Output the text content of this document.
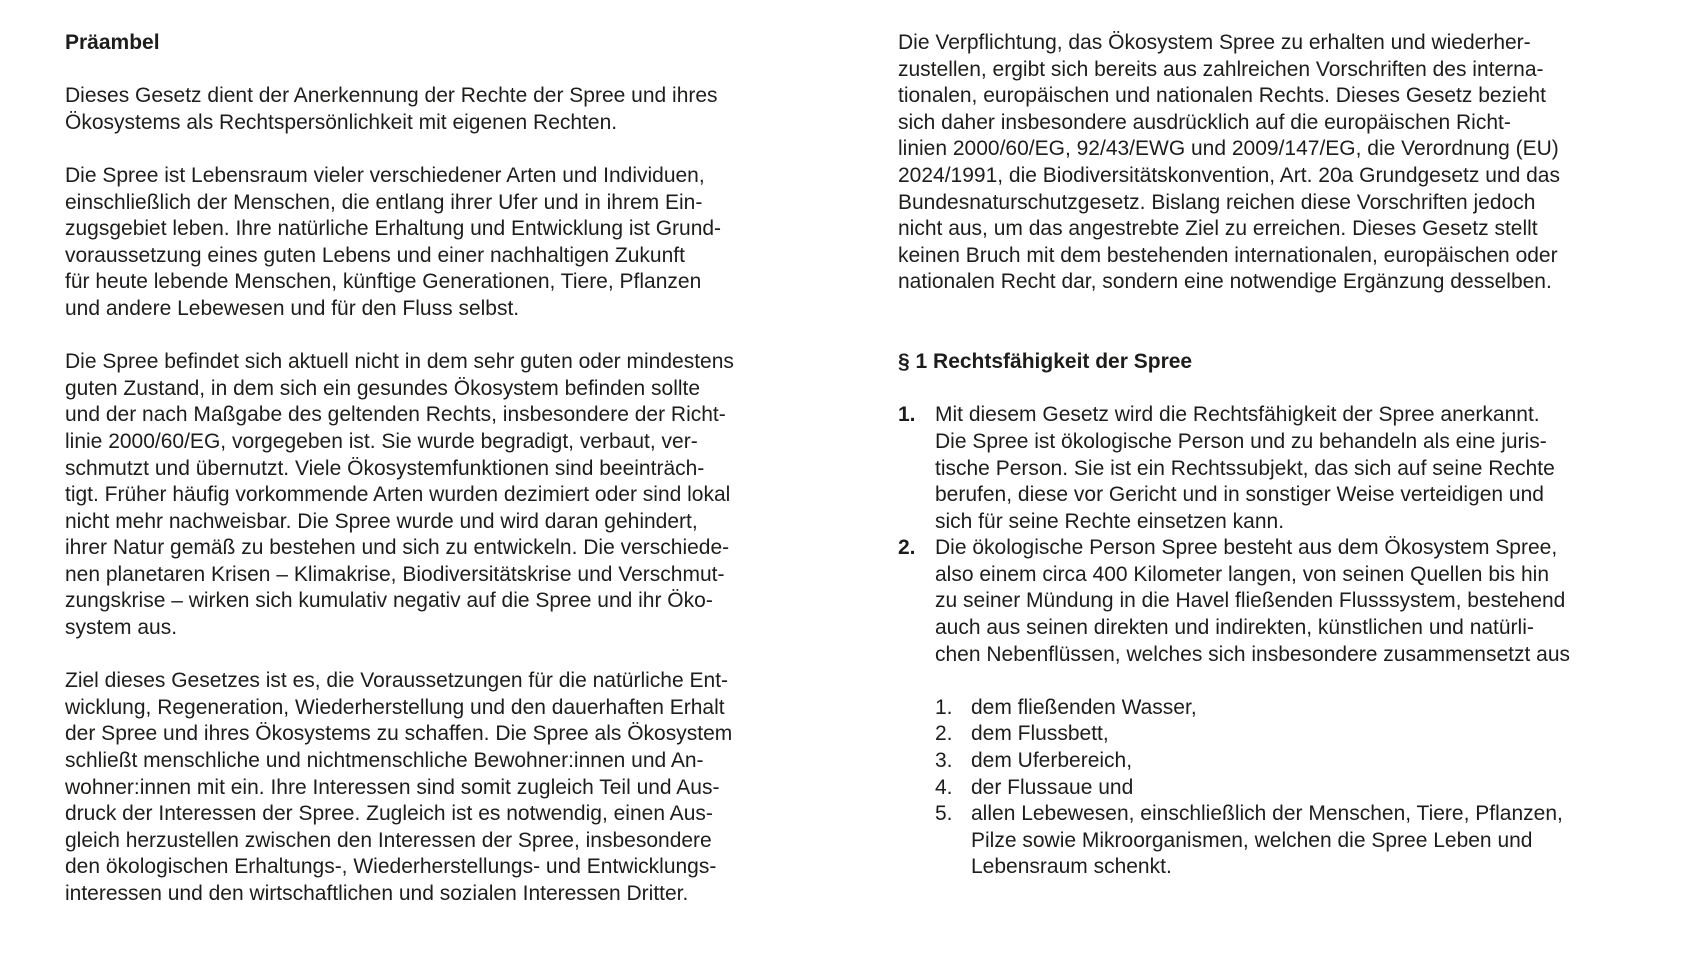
Präambel
Dieses Gesetz dient der Anerkennung der Rechte der Spree und ihres
Ökosystems als Rechtspersönlichkeit mit eigenen Rechten.
Die Spree ist Lebensraum vieler verschiedener Arten und Individuen,
einschließlich der Menschen, die entlang ihrer Ufer und in ihrem Ein-
zugsgebiet leben. Ihre natürliche Erhaltung und Entwicklung ist Grund-
voraussetzung eines guten Lebens und einer nachhaltigen Zukunft
für heute lebende Menschen, künftige Generationen, Tiere, Pflanzen
und andere Lebewesen und für den Fluss selbst.
Die Spree befindet sich aktuell nicht in dem sehr guten oder mindestens
guten Zustand, in dem sich ein gesundes Ökosystem befinden sollte
und der nach Maßgabe des geltenden Rechts, insbesondere der Richt-
linie 2000/60/EG, vorgegeben ist. Sie wurde begradigt, verbaut, ver-
schmutzt und übernutzt. Viele Ökosystemfunktionen sind beeinträch-
tigt. Früher häufig vorkommende Arten wurden dezimiert oder sind lokal
nicht mehr nachweisbar. Die Spree wurde und wird daran gehindert,
ihrer Natur gemäß zu bestehen und sich zu entwickeln. Die verschiede-
nen planetaren Krisen – Klimakrise, Biodiversitätskrise und Verschmut-
zungskrise – wirken sich kumulativ negativ auf die Spree und ihr Öko-
system aus.
Ziel dieses Gesetzes ist es, die Voraussetzungen für die natürliche Ent-
wicklung, Regeneration, Wiederherstellung und den dauerhaften Erhalt
der Spree und ihres Ökosystems zu schaffen. Die Spree als Ökosystem
schließt menschliche und nichtmenschliche Bewohner:innen und An-
wohner:innen mit ein. Ihre Interessen sind somit zugleich Teil und Aus-
druck der Interessen der Spree. Zugleich ist es notwendig, einen Aus-
gleich herzustellen zwischen den Interessen der Spree, insbesondere
den ökologischen Erhaltungs-, Wiederherstellungs- und Entwicklungs-
interessen und den wirtschaftlichen und sozialen Interessen Dritter.
Die Verpflichtung, das Ökosystem Spree zu erhalten und wiederher-
zustellen, ergibt sich bereits aus zahlreichen Vorschriften des interna-
tionalen, europäischen und nationalen Rechts. Dieses Gesetz bezieht
sich daher insbesondere ausdrücklich auf die europäischen Richt-
linien 2000/60/EG, 92/43/EWG und 2009/147/EG, die Verordnung (EU)
2024/1991, die Biodiversitätskonvention, Art. 20a Grundgesetz und das
Bundesnaturschutzgesetz. Bislang reichen diese Vorschriften jedoch
nicht aus, um das angestrebte Ziel zu erreichen. Dieses Gesetz stellt
keinen Bruch mit dem bestehenden internationalen, europäischen oder
nationalen Recht dar, sondern eine notwendige Ergänzung desselben.
§ 1 Rechtsfähigkeit der Spree
1. Mit diesem Gesetz wird die Rechtsfähigkeit der Spree anerkannt.
Die Spree ist ökologische Person und zu behandeln als eine juris-
tische Person. Sie ist ein Rechtssubjekt, das sich auf seine Rechte
berufen, diese vor Gericht und in sonstiger Weise verteidigen und
sich für seine Rechte einsetzen kann.
2. Die ökologische Person Spree besteht aus dem Ökosystem Spree,
also einem circa 400 Kilometer langen, von seinen Quellen bis hin
zu seiner Mündung in die Havel fließenden Flusssystem, bestehend
auch aus seinen direkten und indirekten, künstlichen und natürli-
chen Nebenflüssen, welches sich insbesondere zusammensetzt aus
1. dem fließenden Wasser,
2. dem Flussbett,
3. dem Uferbereich,
4. der Flussaue und
5. allen Lebewesen, einschließlich der Menschen, Tiere, Pflanzen,
Pilze sowie Mikroorganismen, welchen die Spree Leben und
Lebensraum schenkt.
